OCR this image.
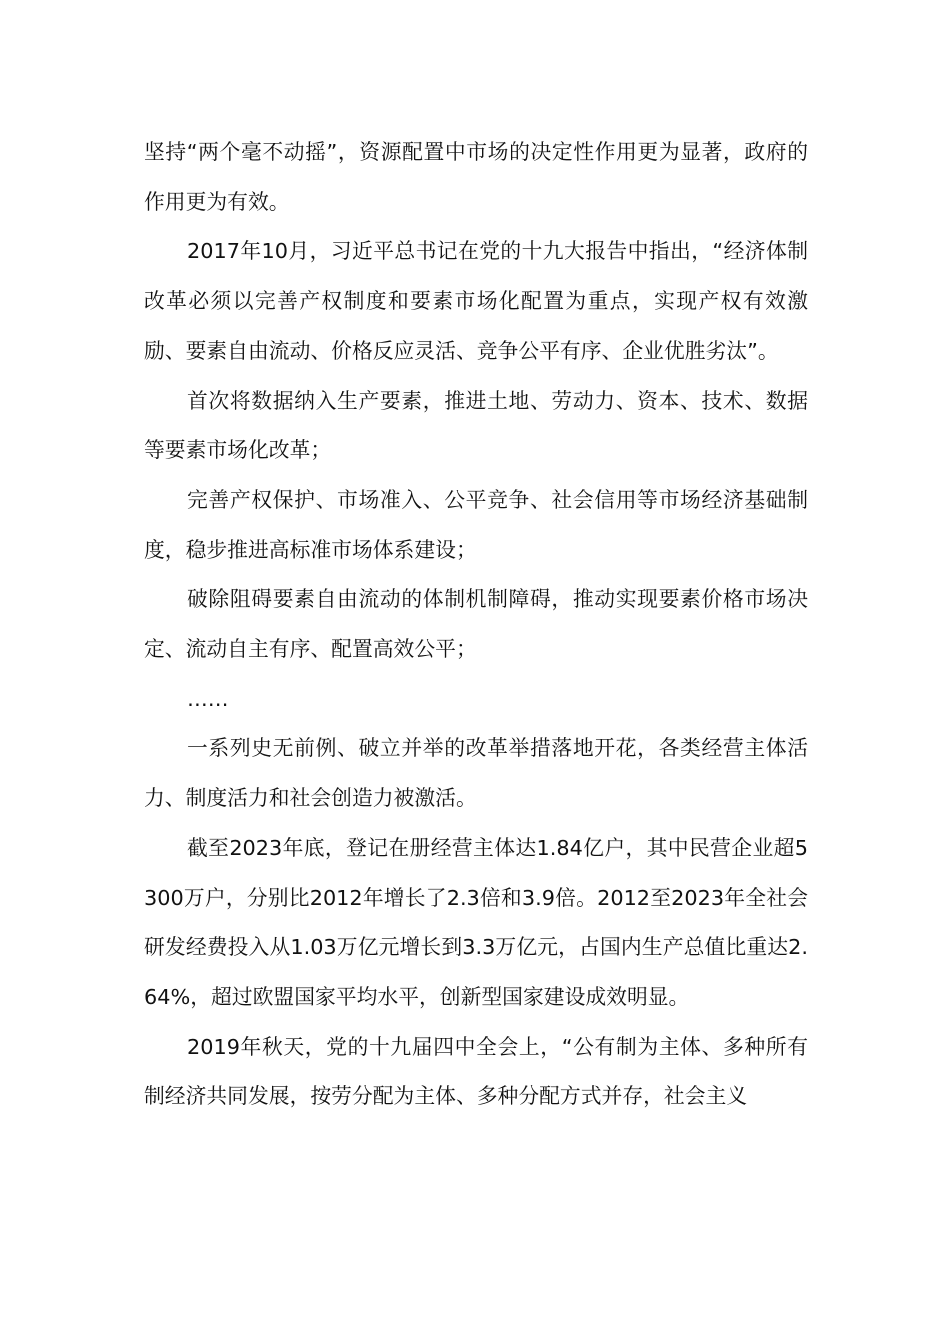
坚持“两个毫不动摇”，资源配置中市场的决定性作用更为显著，政府的作用更为有效。

2017年10月，习近平总书记在党的十九大报告中指出，“经济体制改革必须以完善产权制度和要素市场化配置为重点，实现产权有效激励、要素自由流动、价格反应灵活、竞争公平有序、企业优胜劣汰”。

首次将数据纳入生产要素，推进土地、劳动力、资本、技术、数据等要素市场化改革；

完善产权保护、市场准入、公平竞争、社会信用等市场经济基础制度，稳步推进高标准市场体系建设；

破除阻碍要素自由流动的体制机制障碍，推动实现要素价格市场决定、流动自主有序、配置高效公平；

……

一系列史无前例、破立并举的改革举措落地开花，各类经营主体活力、制度活力和社会创造力被激活。

截至2023年底，登记在册经营主体达1.84亿户，其中民营企业超5300万户，分别比2012年增长了2.3倍和3.9倍。2012至2023年全社会研发经费投入从1.03万亿元增长到3.3万亿元，占国内生产总值比重达2.64%，超过欧盟国家平均水平，创新型国家建设成效明显。

2019年秋天，党的十九届四中全会上，“公有制为主体、多种所有制经济共同发展，按劳分配为主体、多种分配方式并存，社会主义
